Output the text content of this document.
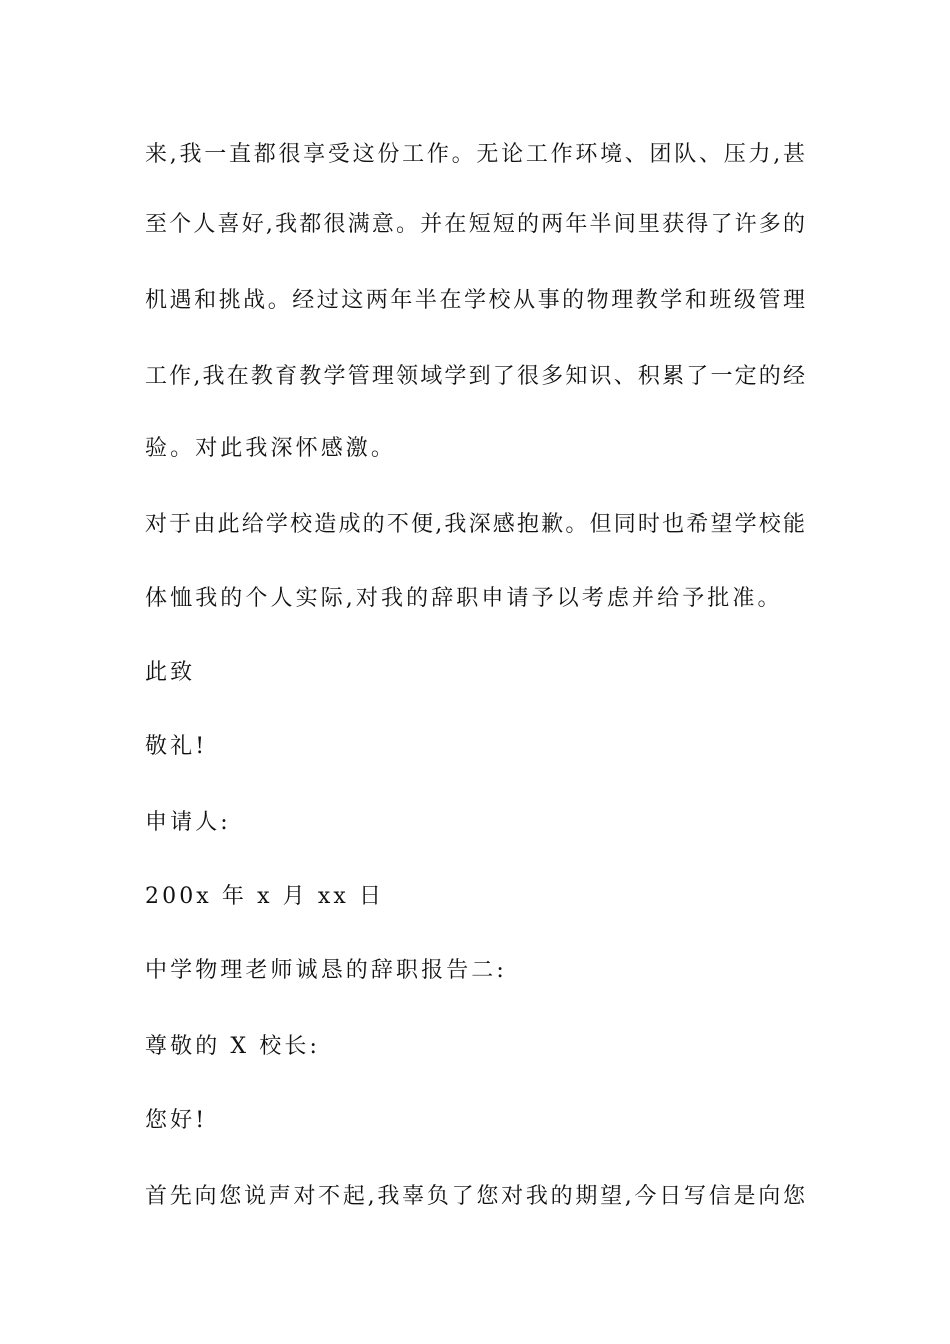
来,我一直都很享受这份工作。无论工作环境、团队、压力,甚
至个人喜好,我都很满意。并在短短的两年半间里获得了许多的
机遇和挑战。经过这两年半在学校从事的物理教学和班级管理
工作,我在教育教学管理领域学到了很多知识、积累了一定的经
验。对此我深怀感激。
对于由此给学校造成的不便,我深感抱歉。但同时也希望学校能
体恤我的个人实际,对我的辞职申请予以考虑并给予批准。
此致
敬礼!
申请人:
200x 年 x 月 xx 日
中学物理老师诚恳的辞职报告二:
尊敬的 X 校长:
您好!
首先向您说声对不起,我辜负了您对我的期望,今日写信是向您
